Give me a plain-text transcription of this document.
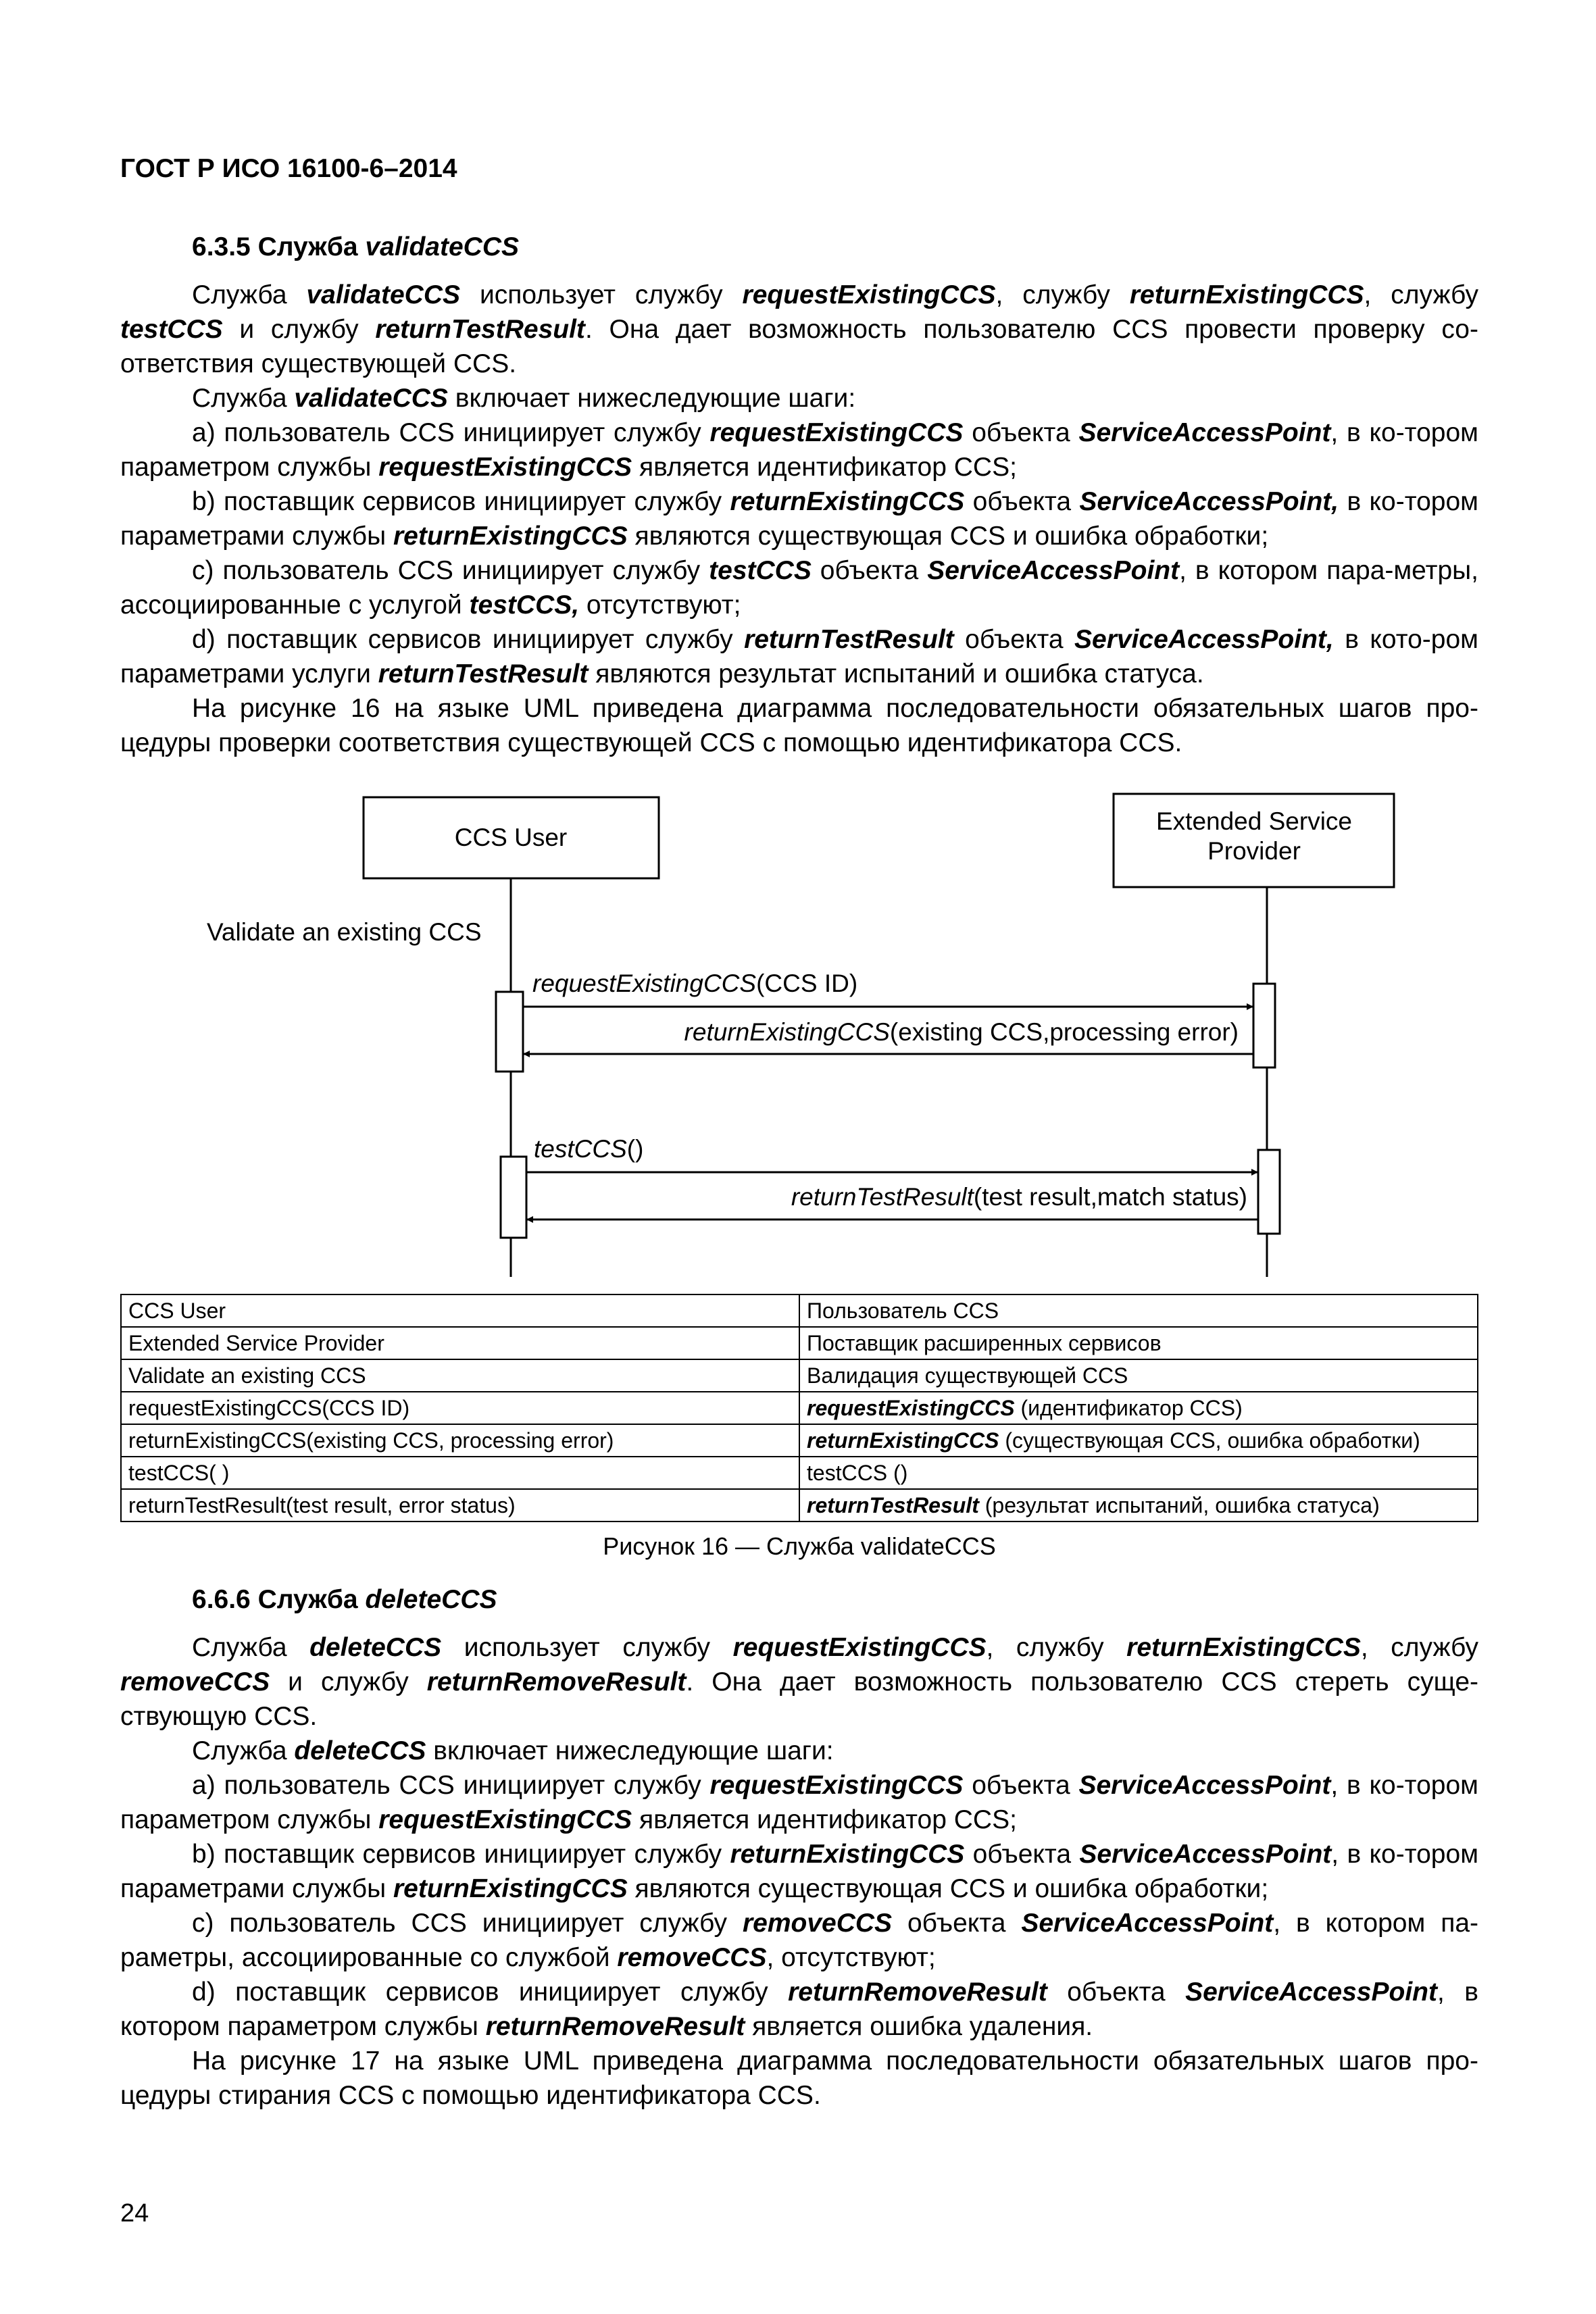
ГОСТ Р ИСО 16100-6–2014
6.3.5 Служба validateCCS

Служба validateCCS использует службу requestExistingCCS, службу returnExistingCCS, службу testCCS и службу returnTestResult. Она дает возможность пользователю CCS провести проверку со-ответствия существующей CCS.

Служба validateCCS включает нижеследующие шаги:

a) пользователь CCS инициирует службу requestExistingCCS объекта ServiceAccessPoint, в ко-тором параметром службы requestExistingCCS является идентификатор CCS;

b) поставщик сервисов инициирует службу returnExistingCCS объекта ServiceAccessPoint, в ко-тором параметрами службы returnExistingCCS являются существующая CCS и ошибка обработки;

c) пользователь CCS инициирует службу testCCS объекта ServiceAccessPoint, в котором пара-метры, ассоциированные с услугой testCCS, отсутствуют;

d) поставщик сервисов инициирует службу returnTestResult объекта ServiceAccessPoint, в кото-ром параметрами услуги returnTestResult являются результат испытаний и ошибка статуса.

На рисунке 16 на языке UML приведена диаграмма последовательности обязательных шагов про-цедуры проверки соответствия существующей CCS с помощью идентификатора CCS.

CCS User
Extended Service
Provider
Validate an existing CCS
requestExistingCCS(CCS ID)
returnExistingCCS(existing CCS,processing error)
testCCS()
returnTestResult(test result,match status)
CCS User	Пользователь CCS
Extended Service Provider	Поставщик расширенных сервисов
Validate an existing CCS	Валидация существующей CCS
requestExistingCCS(CCS ID)	requestExistingCCS (идентификатор CCS)
returnExistingCCS(existing CCS, processing error)	returnExistingCCS (существующая CCS, ошибка обработки)
testCCS( )	testCCS ()
returnTestResult(test result, error status)	returnTestResult (результат испытаний, ошибка статуса)
Рисунок 16 — Служба validateCCS
6.6.6 Служба deleteCCS

Служба deleteCCS использует службу requestExistingCCS, службу returnExistingCCS, службу removeCCS и службу returnRemoveResult. Она дает возможность пользователю CCS стереть суще-ствующую CCS.

Служба deleteCCS включает нижеследующие шаги:

a) пользователь CCS инициирует службу requestExistingCCS объекта ServiceAccessPoint, в ко-тором параметром службы requestExistingCCS является идентификатор CCS;

b) поставщик сервисов инициирует службу returnExistingCCS объекта ServiceAccessPoint, в ко-тором параметрами службы returnExistingCCS являются существующая CCS и ошибка обработки;

c) пользователь CCS инициирует службу removeCCS объекта ServiceAccessPoint, в котором па-раметры, ассоциированные со службой removeCCS, отсутствуют;

d) поставщик сервисов инициирует службу returnRemoveResult объекта ServiceAccessPoint, в котором параметром службы returnRemoveResult является ошибка удаления.

На рисунке 17 на языке UML приведена диаграмма последовательности обязательных шагов про-цедуры стирания CCS с помощью идентификатора CCS.

24
